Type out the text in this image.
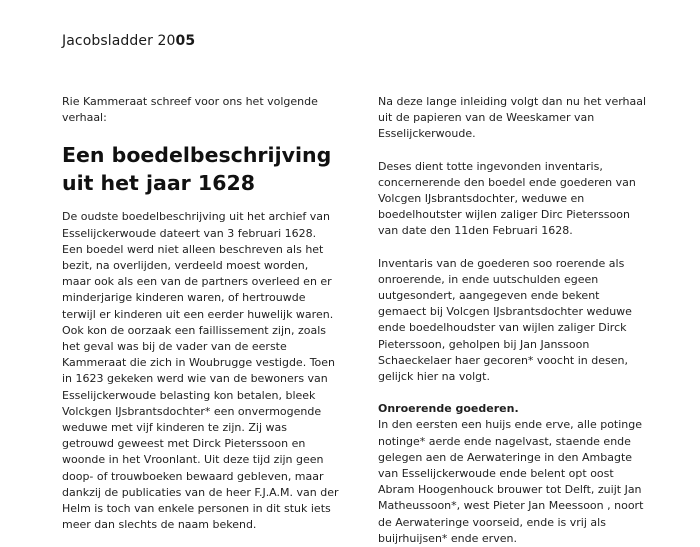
Jacobsladder 2005

Rie Kammeraat schreef voor ons het volgende verhaal:

Een boedelbeschrijving
uit het jaar 1628

De oudste boedelbeschrijving uit het archief van Esselijckerwoude dateert van 3 februari 1628. Een boedel werd niet alleen beschreven als het bezit, na overlijden, verdeeld moest worden, maar ook als een van de partners overleed en er minderjarige kinderen waren, of hertrouwde terwijl er kinderen uit een eerder huwelijk waren. Ook kon de oorzaak een faillissement zijn, zoals het geval was bij de vader van de eerste Kammeraat die zich in Woubrugge vestigde. Toen in 1623 gekeken werd wie van de bewoners van Esselijckerwoude belasting kon betalen, bleek Volckgen IJsbrantsdochter* een onvermogende weduwe met vijf kinderen te zijn. Zij was getrouwd geweest met Dirck Pieterssoon en woonde in het Vroonlant. Uit deze tijd zijn geen doop- of trouwboeken bewaard gebleven, maar dankzij de publicaties van de heer F.J.A.M. van der Helm is toch van enkele personen in dit stuk iets meer dan slechts de naam bekend.

Na deze lange inleiding volgt dan nu het verhaal uit de papieren van de Weeskamer van Esselijckerwoude.

Deses dient totte ingevonden inventaris, concernerende den boedel ende goederen van Volcgen IJsbrantsdochter, weduwe en boedelhoutster wijlen zaliger Dirc Pieterssoon van date den 11den Februari 1628.

Inventaris van de goederen soo roerende als onroerende, in ende uutschulden egeen uutgesondert, aangegeven ende bekent gemaect bij Volcgen IJsbrantsdochter weduwe ende boedelhoudster van wijlen zaliger Dirck Pieterssoon, geholpen bij Jan Janssoon Schaeckelaer haer gecoren* voocht in desen, gelijck hier na volgt.

Onroerende goederen.

In den eersten een huijs ende erve, alle potinge notinge* aerde ende nagelvast, staende ende gelegen aen de Aerwateringe in den Ambagte van Esselijckerwoude ende belent opt oost Abram Hoogenhouck brouwer tot Delft, zuijt Jan Matheussoon*, west Pieter Jan Meessoon , noort de Aerwateringe voorseid, ende is vrij als buijrhuijsen* ende erven.
